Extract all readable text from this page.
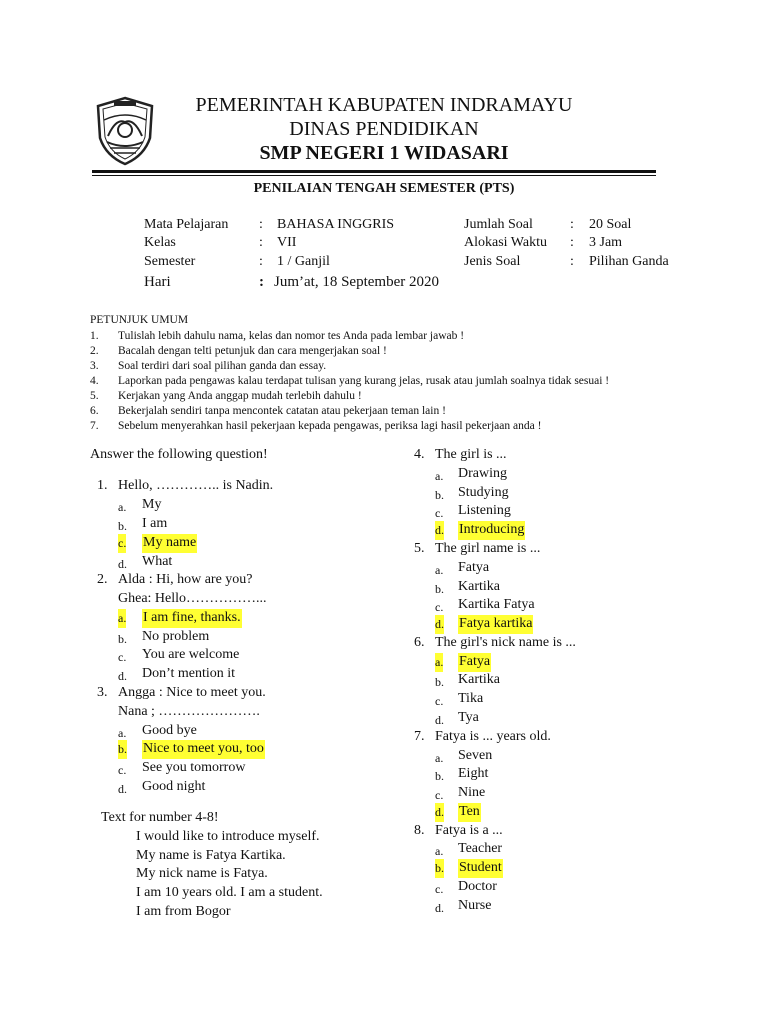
PEMERINTAH KABUPATEN INDRAMAYU
DINAS PENDIDIKAN
SMP NEGERI 1 WIDASARI
PENILAIAN TENGAH SEMESTER (PTS)
Mata Pelajaran : BAHASA INGGRIS
Kelas	: VII
Semester	: 1 / Ganjil
Hari	: Jum’at, 18 September 2020
Jumlah Soal	: 20 Soal
Alokasi Waktu : 3 Jam
Jenis Soal	: Pilihan Ganda
PETUNJUK UMUM
1. Tulislah lebih dahulu nama, kelas dan nomor tes Anda pada lembar jawab !
2. Bacalah dengan telti petunjuk dan cara mengerjakan soal !
3. Soal terdiri dari soal pilihan ganda dan essay.
4. Laporkan pada pengawas kalau terdapat tulisan yang kurang jelas, rusak atau jumlah soalnya tidak sesuai !
5. Kerjakan yang Anda anggap mudah terlebih dahulu !
6. Bekerjalah sendiri tanpa mencontek catatan atau pekerjaan teman lain !
7. Sebelum menyerahkan hasil pekerjaan kepada pengawas, periksa lagi hasil pekerjaan anda !
Answer the following question!
1. Hello, ………….. is Nadin.
a. My
b. I am
c. My name
d. What
2. Alda : Hi, how are you?
Ghea: Hello……………...
a. I am fine, thanks.
b. No problem
c. You are welcome
d. Don’t mention it
3. Angga : Nice to meet you.
Nana ; ………………….
a. Good bye
b. Nice to meet you, too
c. See you tomorrow
d. Good night
Text for number 4-8!
I would like to introduce myself.
My name is Fatya Kartika.
My nick name is Fatya.
I am 10 years old. I am a student.
I am from Bogor
4. The girl is ...
a. Drawing
b. Studying
c. Listening
d. Introducing
5. The girl name is ...
a. Fatya
b. Kartika
c. Kartika Fatya
d. Fatya kartika
6. The girl's nick name is ...
a. Fatya
b. Kartika
c. Tika
d. Tya
7. Fatya is ... years old.
a. Seven
b. Eight
c. Nine
d. Ten
8. Fatya is a ...
a. Teacher
b. Student
c. Doctor
d. Nurse
